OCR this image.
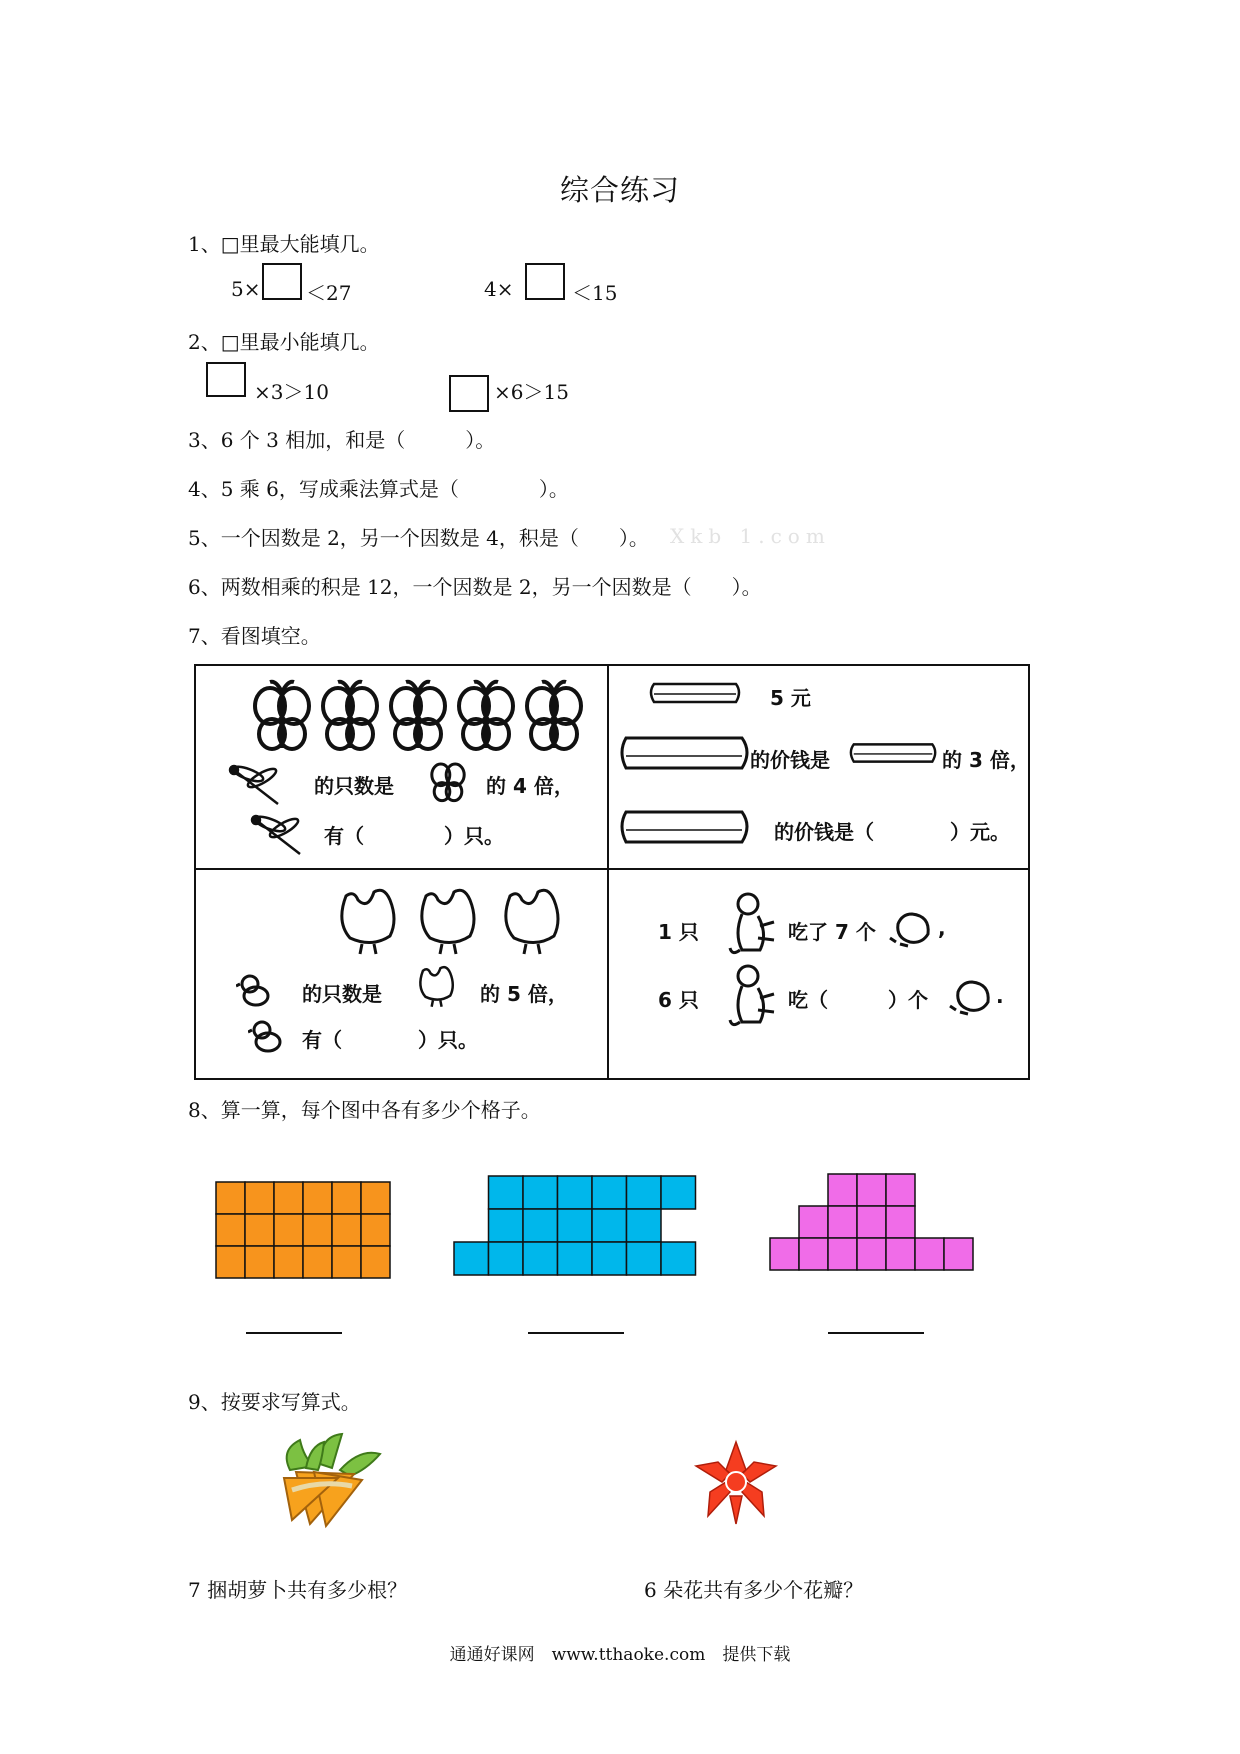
综合练习
1、□里最大能填几。
5× ＜27	4×	＜15
2、□里最小能填几。
×3＞10	×6＞15
3、6 个 3 相加，和是（　　　）。
4、5 乘 6，写成乘法算式是（　　　　）。
5、一个因数是 2，另一个因数是 4，积是（　　）。 Xkb 1.com
6、两数相乘的积是 12，一个因数是 2，另一个因数是（　　）。
7、看图填空。
的只数是	的 4 倍，
有（	）只。
5 元
的价钱是	的 3 倍，
的价钱是（	）元。
的只数是	的 5 倍，
有（	）只。
1 只	吃了 7 个	,
6 只	吃（	）个	.
8、算一算，每个图中各有多少个格子。
9、按要求写算式。
7 捆胡萝卜共有多少根？	6 朵花共有多少个花瓣？
通通好课网　www.tthaoke.com　提供下载
